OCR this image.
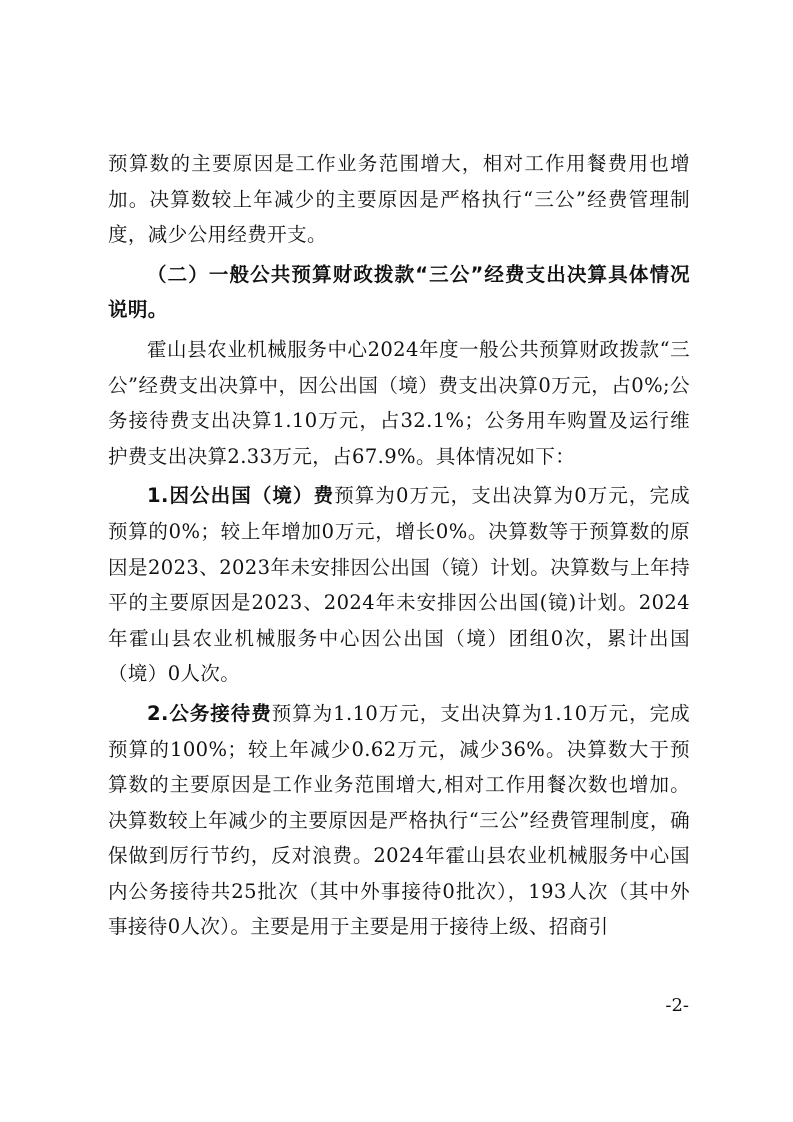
预算数的主要原因是工作业务范围增大，相对工作用餐费用也增加。决算数较上年减少的主要原因是严格执行“三公”经费管理制度，减少公用经费开支。

（二）一般公共预算财政拨款“三公”经费支出决算具体情况说明。

霍山县农业机械服务中心2024年度一般公共预算财政拨款“三公”经费支出决算中，因公出国（境）费支出决算0万元，占0%;公务接待费支出决算1.10万元，占32.1%；公务用车购置及运行维护费支出决算2.33万元，占67.9%。具体情况如下：

1.因公出国（境）费预算为0万元，支出决算为0万元，完成预算的0%；较上年增加0万元，增长0%。决算数等于预算数的原因是2023、2023年未安排因公出国（镜）计划。决算数与上年持平的主要原因是2023、2024年未安排因公出国(镜)计划。2024年霍山县农业机械服务中心因公出国（境）团组0次，累计出国（境）0人次。

2.公务接待费预算为1.10万元，支出决算为1.10万元，完成预算的100%；较上年减少0.62万元，减少36%。决算数大于预算数的主要原因是工作业务范围增大,相对工作用餐次数也增加。决算数较上年减少的主要原因是严格执行“三公”经费管理制度，确保做到厉行节约，反对浪费。2024年霍山县农业机械服务中心国内公务接待共25批次（其中外事接待0批次），193人次（其中外事接待0人次）。主要是用于主要是用于接待上级、招商引

-2-
